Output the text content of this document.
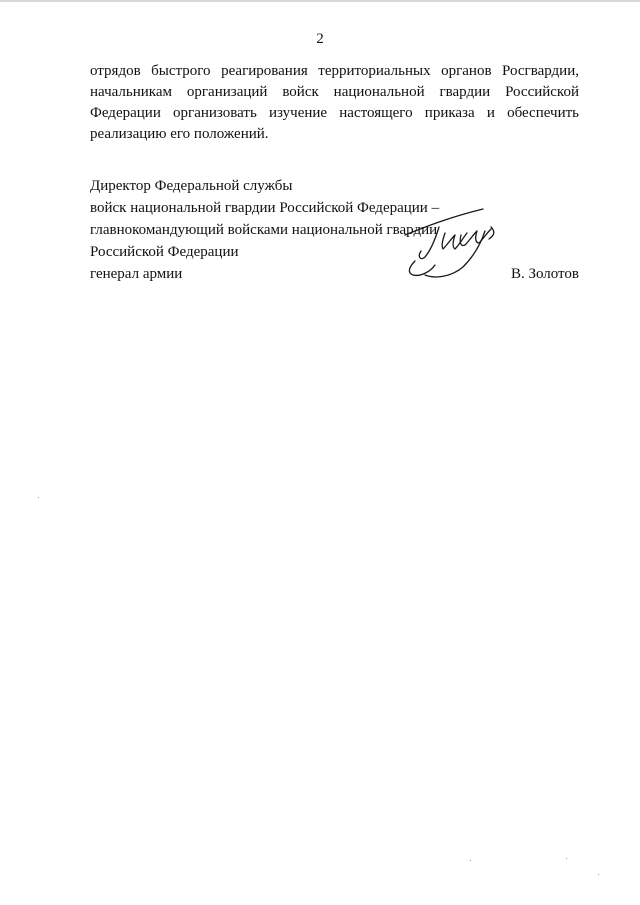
2
отрядов быстрого реагирования территориальных органов Росгвардии,
начальникам организаций войск национальной гвардии Российской
Федерации организовать изучение настоящего приказа и обеспечить
реализацию его положений.
Директор Федеральной службы
войск национальной гвардии Российской Федерации –
главнокомандующий войсками национальной гвардии
Российской Федерации
генерал армии	В. Золотов
